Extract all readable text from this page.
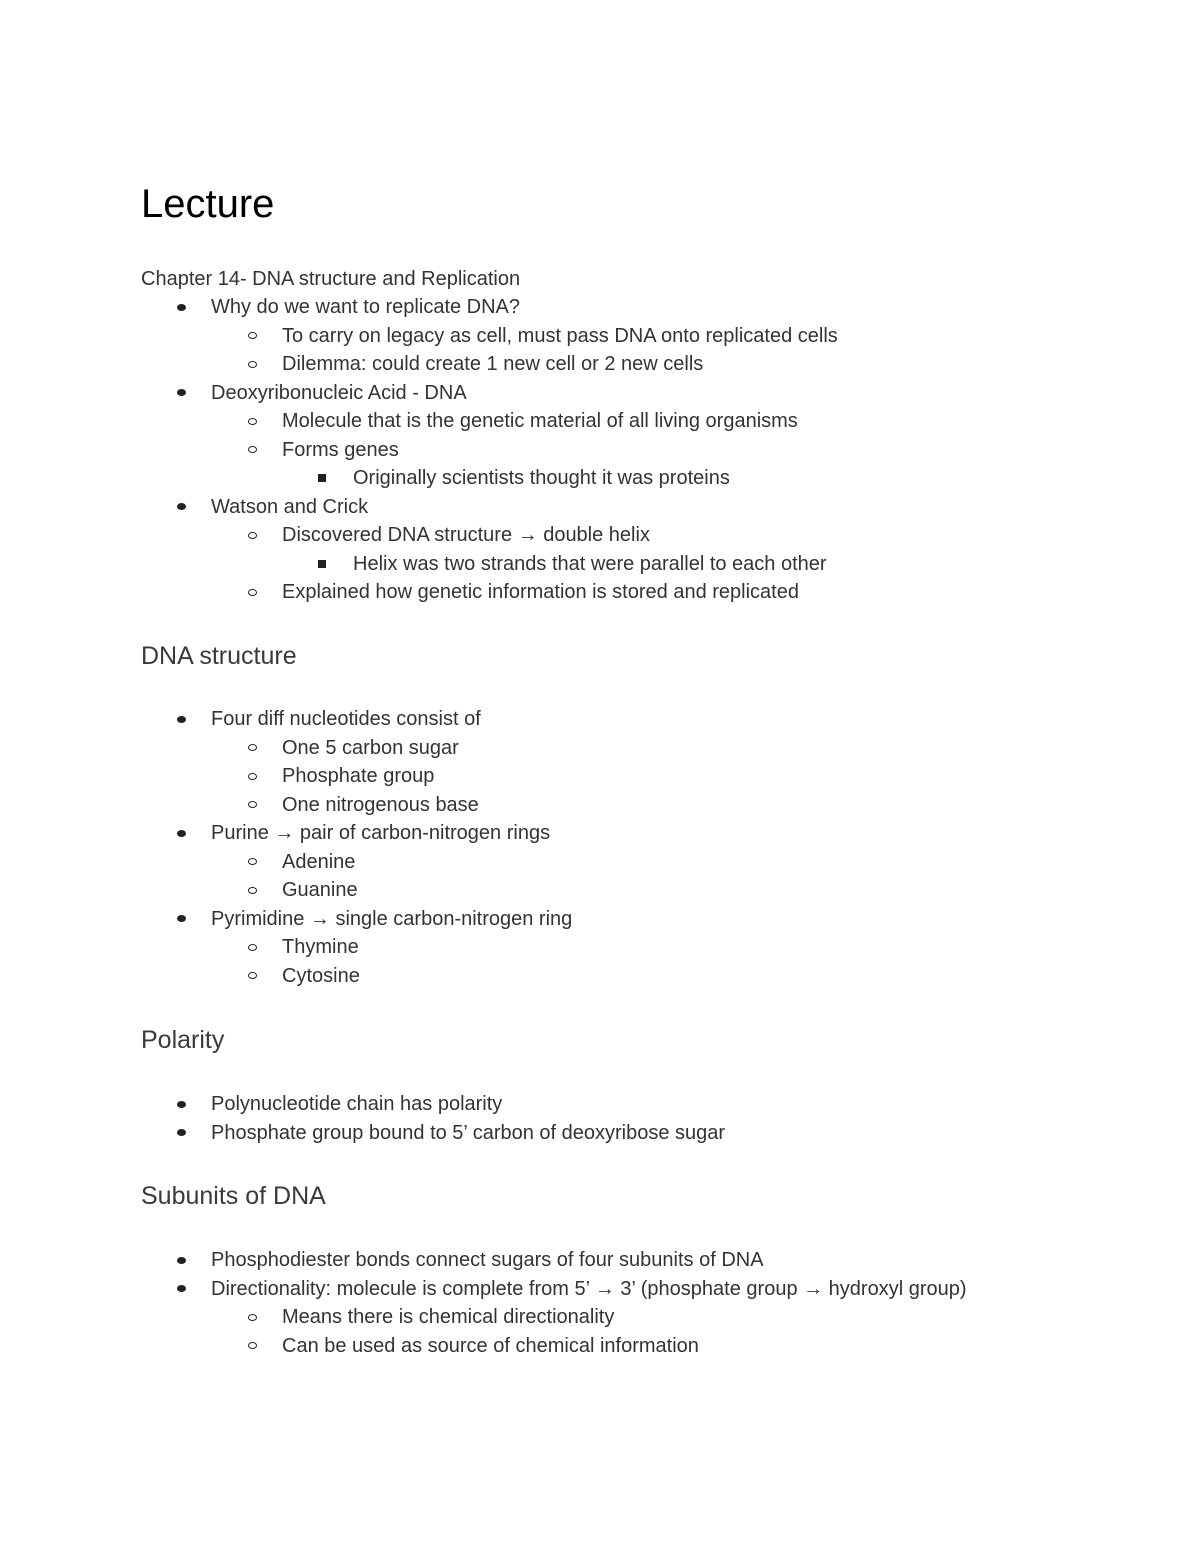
Lecture

Chapter 14- DNA structure and Replication

Why do we want to replicate DNA?
To carry on legacy as cell, must pass DNA onto replicated cells
Dilemma: could create 1 new cell or 2 new cells
Deoxyribonucleic Acid - DNA
Molecule that is the genetic material of all living organisms
Forms genes
Originally scientists thought it was proteins
Watson and Crick
Discovered DNA structure → double helix
Helix was two strands that were parallel to each other
Explained how genetic information is stored and replicated
DNA structure
Four diff nucleotides consist of
One 5 carbon sugar
Phosphate group
One nitrogenous base
Purine → pair of carbon-nitrogen rings
Adenine
Guanine
Pyrimidine → single carbon-nitrogen ring
Thymine
Cytosine
Polarity
Polynucleotide chain has polarity
Phosphate group bound to 5’ carbon of deoxyribose sugar
Subunits of DNA
Phosphodiester bonds connect sugars of four subunits of DNA
Directionality: molecule is complete from 5’ → 3’ (phosphate group → hydroxyl group)
Means there is chemical directionality
Can be used as source of chemical information
